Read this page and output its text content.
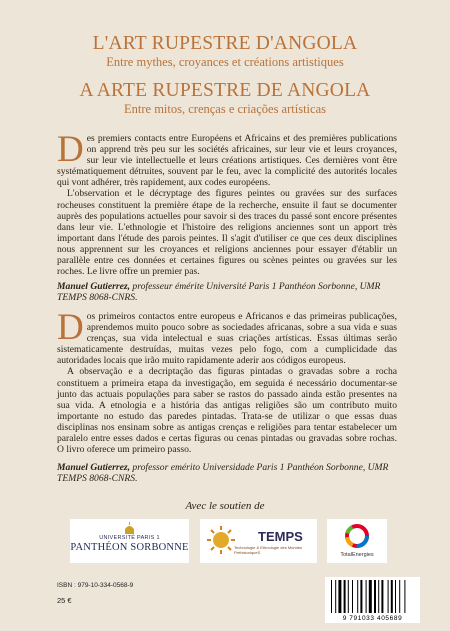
L'ART RUPESTRE D'ANGOLA
Entre mythes, croyances et créations artistiques
A ARTE RUPESTRE DE ANGOLA
Entre mitos, crenças e criações artísticas

Des premiers contacts entre Européens et Africains et des premières publications on apprend très peu sur les sociétés africaines, sur leur vie et leurs croyances, sur leur vie intellectuelle et leurs créations artistiques. Ces dernières vont être systématiquement détruites, souvent par le feu, avec la complicité des autorités locales qui vont adhérer, très rapidement, aux codes européens.

L'observation et le décryptage des figures peintes ou gravées sur des surfaces rocheuses constituent la première étape de la recherche, ensuite il faut se documenter auprès des populations actuelles pour savoir si des traces du passé sont encore présentes dans leur vie. L'ethnologie et l'histoire des religions anciennes sont un apport très important dans l'étude des parois peintes. Il s'agit d'utiliser ce que ces deux disciplines nous apprennent sur les croyances et religions anciennes pour essayer d'établir un parallèle entre ces données et certaines figures ou scènes peintes ou gravées sur les roches. Le livre offre un premier pas.

Manuel Gutierrez, professeur émérite Université Paris 1 Panthéon Sorbonne, UMR TEMPS 8068-CNRS.

Dos primeiros contactos entre europeus e Africanos e das primeiras publicações, aprendemos muito pouco sobre as sociedades africanas, sobre a sua vida e suas crenças, sua vida intelectual e suas criações artísticas. Essas últimas serão sistematicamente destruídas, muitas vezes pelo fogo, com a cumplicidade das autoridades locais que irão muito rapidamente aderir aos códigos europeus.

A observação e a decriptação das figuras pintadas o gravadas sobre a rocha constituem a primeira etapa da investigação, em seguida é necessário documentar-se junto das actuais populações para saber se rastos do passado ainda estão presentes na sua vida. A etnologia e a história das antigas religiões são um contributo muito importante no estudo das paredes pintadas. Trata-se de utilizar o que essas duas disciplinas nos ensinam sobre as antigas crenças e religiões para tentar estabelecer um paralelo entre esses dados e certas figuras ou cenas pintadas ou gravadas sobre rochas. O livro oferece um primeiro passo.

Manuel Gutierrez, professor emérito Universidade Paris 1 Panthéon Sorbonne, UMR TEMPS 8068-CNRS.
Avec le soutien de
UNIVERSITÉ PARIS 1
PANTHÉON SORBONNE
TEMPS
Technologie & Ethnologie des Mondes PréhistoriqueS	TotalEnergies
ISBN : 979-10-334-0568-9
25 €
9 791033 405689
